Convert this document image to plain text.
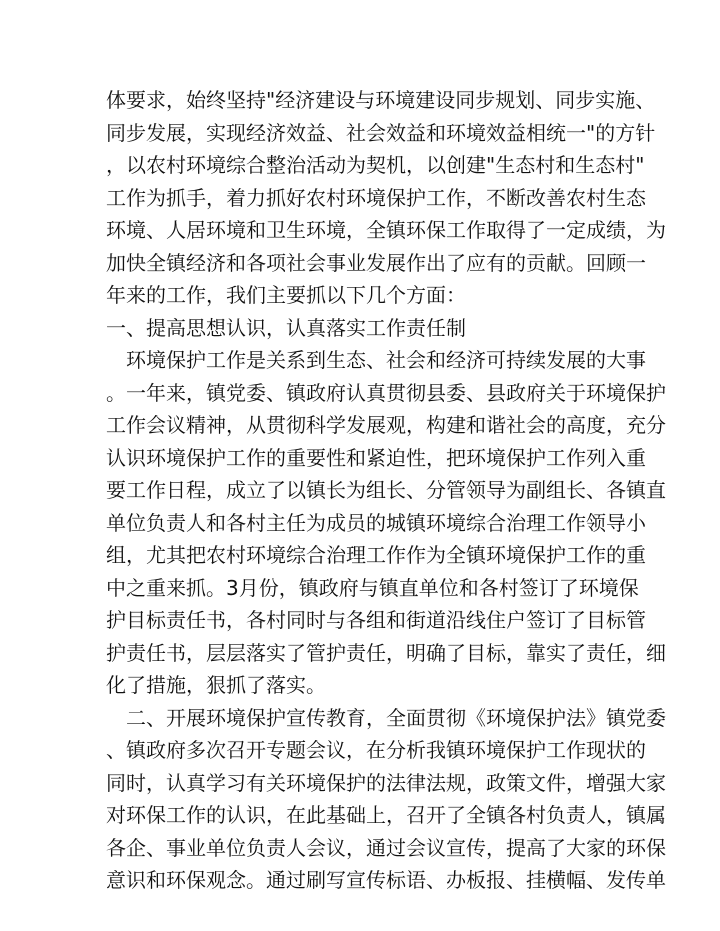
体要求，始终坚持"经济建设与环境建设同步规划、同步实施、
同步发展，实现经济效益、社会效益和环境效益相统一"的方针
，以农村环境综合整治活动为契机，以创建"生态村和生态村"
工作为抓手，着力抓好农村环境保护工作，不断改善农村生态
环境、人居环境和卫生环境，全镇环保工作取得了一定成绩，为
加快全镇经济和各项社会事业发展作出了应有的贡献。回顾一
年来的工作，我们主要抓以下几个方面：
一、提高思想认识，认真落实工作责任制
环境保护工作是关系到生态、社会和经济可持续发展的大事
。一年来，镇党委、镇政府认真贯彻县委、县政府关于环境保护
工作会议精神，从贯彻科学发展观，构建和谐社会的高度，充分
认识环境保护工作的重要性和紧迫性，把环境保护工作列入重
要工作日程，成立了以镇长为组长、分管领导为副组长、各镇直
单位负责人和各村主任为成员的城镇环境综合治理工作领导小
组，尤其把农村环境综合治理工作作为全镇环境保护工作的重
中之重来抓。3月份，镇政府与镇直单位和各村签订了环境保
护目标责任书，各村同时与各组和街道沿线住户签订了目标管
护责任书，层层落实了管护责任，明确了目标，靠实了责任，细
化了措施，狠抓了落实。
二、开展环境保护宣传教育，全面贯彻《环境保护法》镇党委
、镇政府多次召开专题会议，在分析我镇环境保护工作现状的
同时，认真学习有关环境保护的法律法规，政策文件，增强大家
对环保工作的认识，在此基础上，召开了全镇各村负责人，镇属
各企、事业单位负责人会议，通过会议宣传，提高了大家的环保
意识和环保观念。通过刷写宣传标语、办板报、挂横幅、发传单
